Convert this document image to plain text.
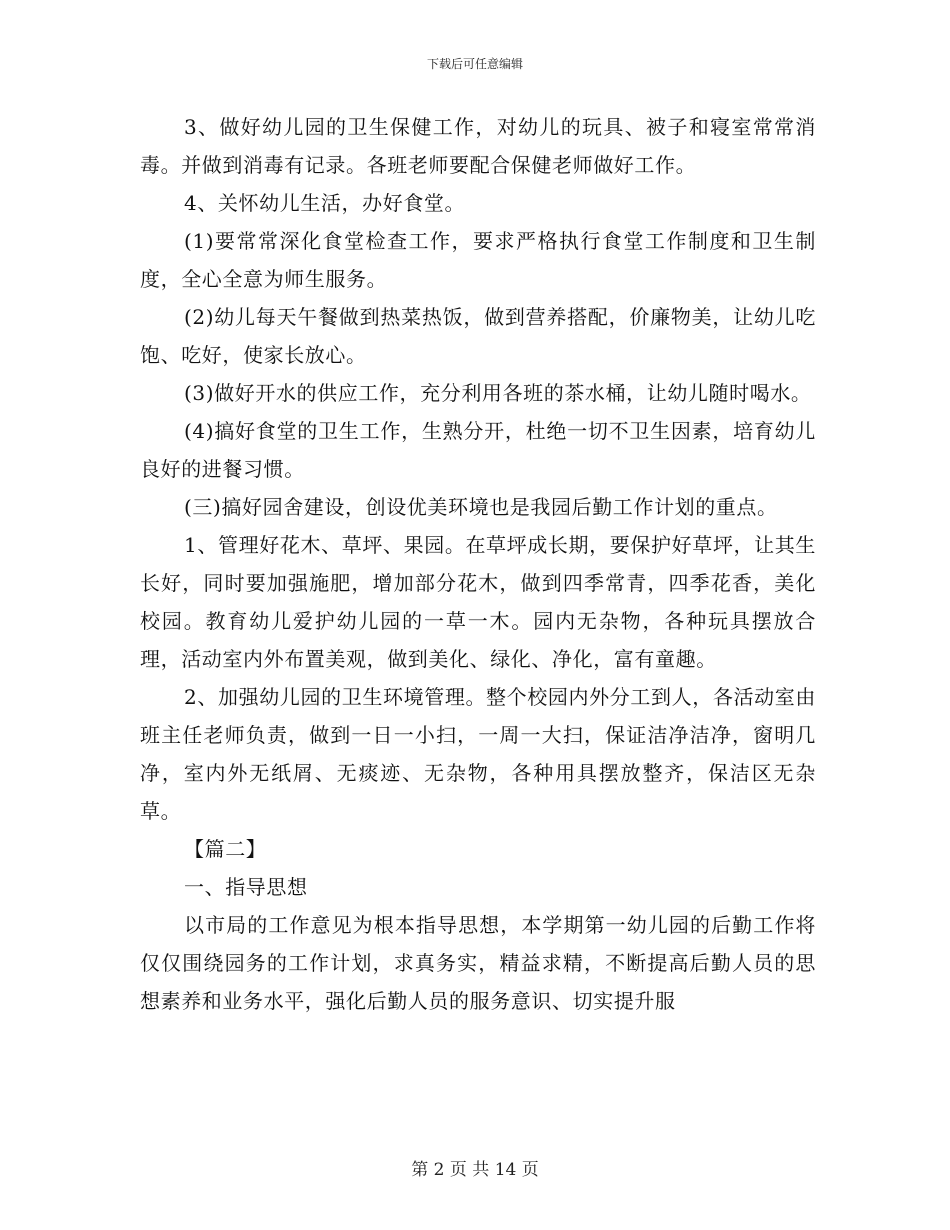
下载后可任意编辑

3、做好幼儿园的卫生保健工作，对幼儿的玩具、被子和寝室常常消毒。并做到消毒有记录。各班老师要配合保健老师做好工作。

4、关怀幼儿生活，办好食堂。

(1)要常常深化食堂检查工作，要求严格执行食堂工作制度和卫生制度，全心全意为师生服务。

(2)幼儿每天午餐做到热菜热饭，做到营养搭配，价廉物美，让幼儿吃饱、吃好，使家长放心。

(3)做好开水的供应工作，充分利用各班的茶水桶，让幼儿随时喝水。

(4)搞好食堂的卫生工作，生熟分开，杜绝一切不卫生因素，培育幼儿良好的进餐习惯。

(三)搞好园舍建设，创设优美环境也是我园后勤工作计划的重点。

1、管理好花木、草坪、果园。在草坪成长期，要保护好草坪，让其生长好，同时要加强施肥，增加部分花木，做到四季常青，四季花香，美化校园。教育幼儿爱护幼儿园的一草一木。园内无杂物，各种玩具摆放合理，活动室内外布置美观，做到美化、绿化、净化，富有童趣。

2、加强幼儿园的卫生环境管理。整个校园内外分工到人，各活动室由班主任老师负责，做到一日一小扫，一周一大扫，保证洁净洁净，窗明几净，室内外无纸屑、无痰迹、无杂物，各种用具摆放整齐，保洁区无杂草。

【篇二】

一、指导思想

以市局的工作意见为根本指导思想，本学期第一幼儿园的后勤工作将仅仅围绕园务的工作计划，求真务实，精益求精，不断提高后勤人员的思想素养和业务水平，强化后勤人员的服务意识、切实提升服

第 2 页 共 14 页
